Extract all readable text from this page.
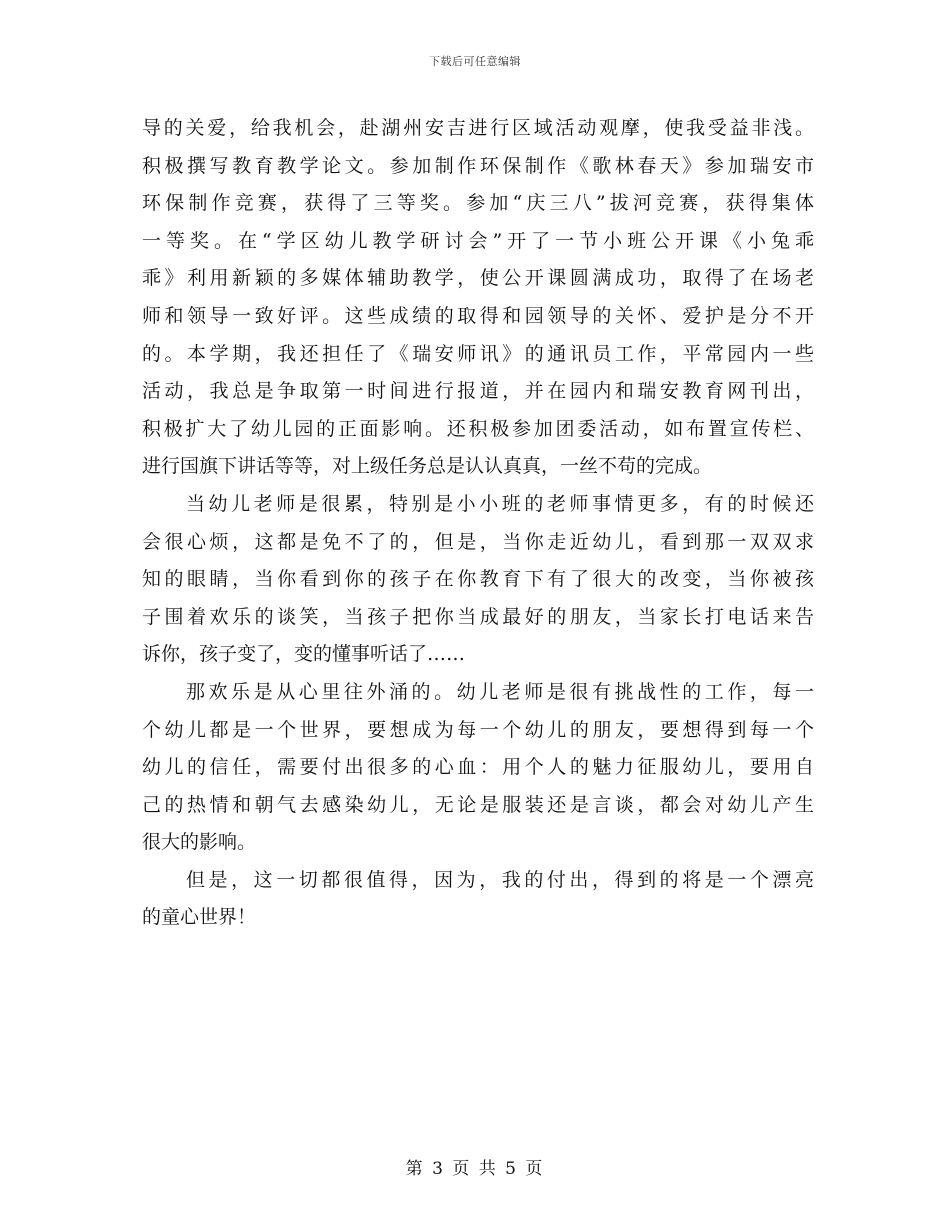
下载后可任意编辑
导的关爱，给我机会，赴湖州安吉进行区域活动观摩，使我受益非浅。
积极撰写教育教学论文。参加制作环保制作《歌林春天》参加瑞安市
环保制作竞赛，获得了三等奖。参加“庆三八”拔河竞赛，获得集体
一等奖。在“学区幼儿教学研讨会”开了一节小班公开课《小兔乖
乖》利用新颖的多媒体辅助教学，使公开课圆满成功，取得了在场老
师和领导一致好评。这些成绩的取得和园领导的关怀、爱护是分不开
的。本学期，我还担任了《瑞安师讯》的通讯员工作，平常园内一些
活动，我总是争取第一时间进行报道，并在园内和瑞安教育网刊出，
积极扩大了幼儿园的正面影响。还积极参加团委活动，如布置宣传栏、
进行国旗下讲话等等，对上级任务总是认认真真，一丝不苟的完成。
当幼儿老师是很累，特别是小小班的老师事情更多，有的时候还
会很心烦，这都是免不了的，但是，当你走近幼儿，看到那一双双求
知的眼睛，当你看到你的孩子在你教育下有了很大的改变，当你被孩
子围着欢乐的谈笑，当孩子把你当成最好的朋友，当家长打电话来告
诉你，孩子变了，变的懂事听话了……
那欢乐是从心里往外涌的。幼儿老师是很有挑战性的工作，每一
个幼儿都是一个世界，要想成为每一个幼儿的朋友，要想得到每一个
幼儿的信任，需要付出很多的心血：用个人的魅力征服幼儿，要用自
己的热情和朝气去感染幼儿，无论是服装还是言谈，都会对幼儿产生
很大的影响。
但是，这一切都很值得，因为，我的付出，得到的将是一个漂亮
的童心世界！
第 3 页 共 5 页
